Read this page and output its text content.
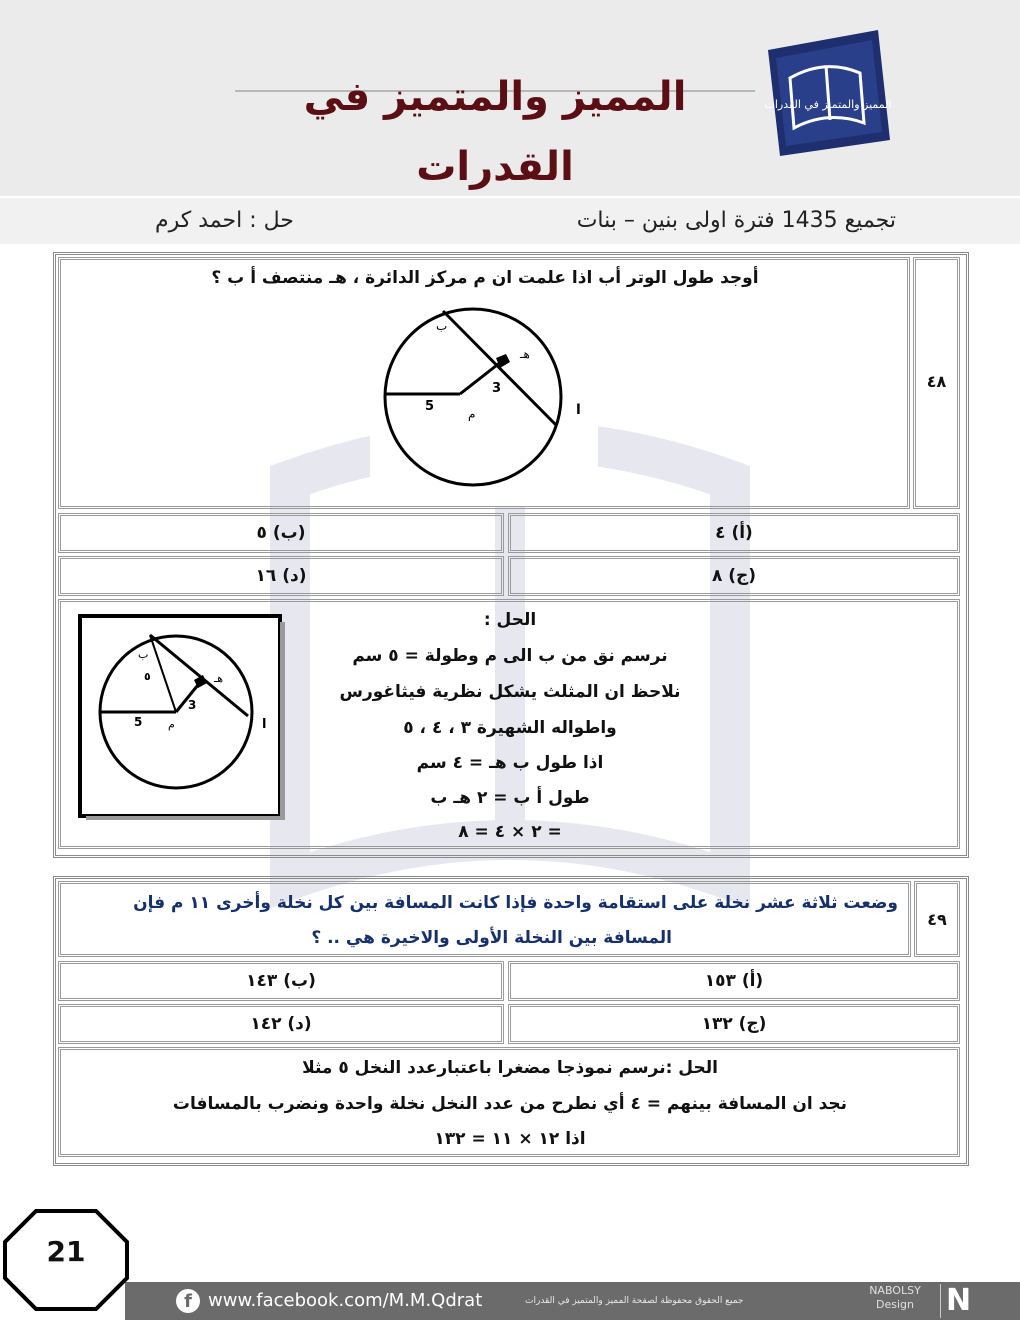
المميز والمتميز في القدرات
المميز والمتميز في القدرات
تجميع 1435 فترة اولى بنين – بنات
حل : احمد كرم
٤٨
أوجد طول الوتر أب اذا علمت ان م مركز الدائرة ، هـ منتصف أ ب ؟
ب
هـ
3
5	م	ا
(أ) ٤
(ب) ٥
(ج) ٨
(د) ١٦
الحل :
نرسم نق من ب الى م وطولة = ٥ سم
نلاحظ ان المثلث يشكل نظرية فيثاغورس
واطواله الشهيرة ٣ ، ٤ ، ٥
اذا طول ب هـ = ٤ سم
طول أ ب = ٢ هـ ب
= ٢ × ٤ = ٨
ب
هـ
٥
3
5 م	ا
٤٩
وضعت ثلاثة عشر نخلة على استقامة واحدة فإذا كانت المسافة بين كل نخلة وأخرى ١١ م فإن
المسافة بين النخلة الأولى والاخيرة هي .. ؟
(أ) ١٥٣
(ب) ١٤٣
(ج) ١٣٢
(د) ١٤٢
الحل :نرسم نموذجا مضغرا باعتبارعدد النخل ٥ مثلا
نجد ان المسافة بينهم = ٤ أي نطرح من عدد النخل نخلة واحدة ونضرب بالمسافات
اذا ١٢ × ١١ = ١٣٢
f www.facebook.com/M.M.Qdrat	جميع الحقوق محفوظة لصفحة المميز والمتميز في القدرات
NABOLSY
Design	N
21
